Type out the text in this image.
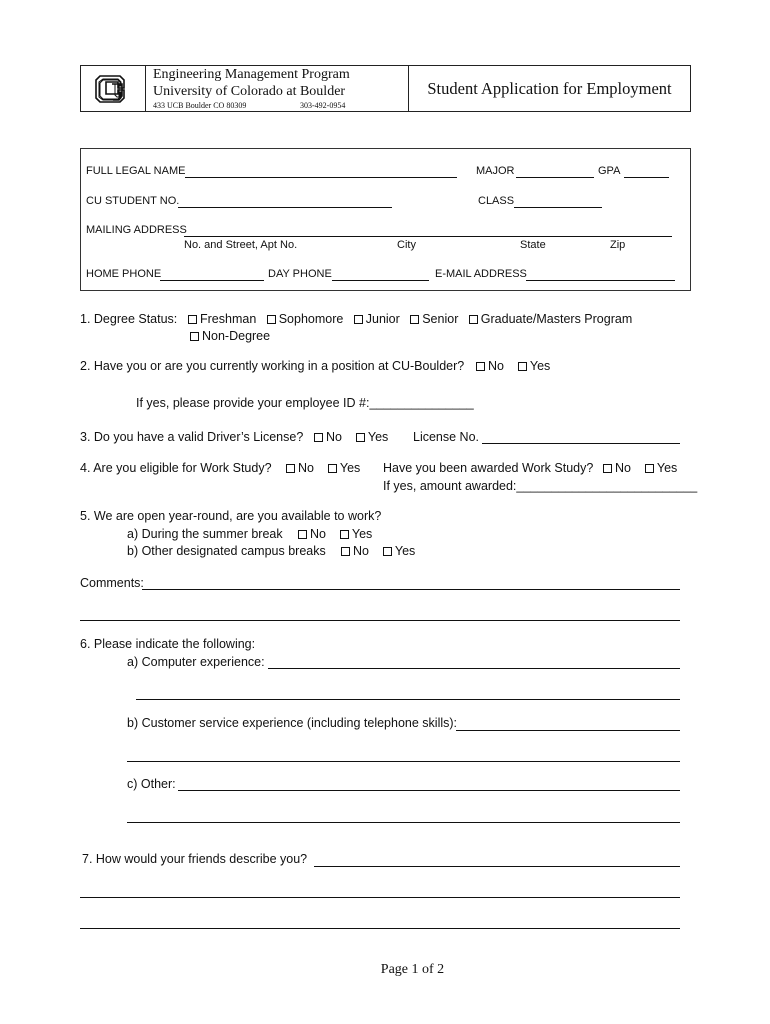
Engineering Management Program
University of Colorado at Boulder
433 UCB Boulder CO 80309	303-492-0954
Student Application for Employment
FULL LEGAL NAME	MAJOR	GPA
CU STUDENT NO.	CLASS
MAILING ADDRESS
No. and Street, Apt No.	City	State	Zip
HOME PHONE	DAY PHONE	E-MAIL ADDRESS
1. Degree Status:	Freshman Sophomore Junior Senior Graduate/Masters Program
Non-Degree
2. Have you or are you currently working in a position at CU-Boulder?	No Yes
If yes, please provide your employee ID #:_______________
3. Do you have a valid Driver’s License?	No Yes License No.
4. Are you eligible for Work Study?	No Yes Have you been awarded Work Study?	No Yes
If yes, amount awarded:__________________________
5. We are open year-round, are you available to work?
a) During the summer break	No Yes
b) Other designated campus breaks	No Yes
Comments:
6. Please indicate the following:
a) Computer experience:
b) Customer service experience (including telephone skills):
c) Other:
7. How would your friends describe you?
Page 1 of 2
